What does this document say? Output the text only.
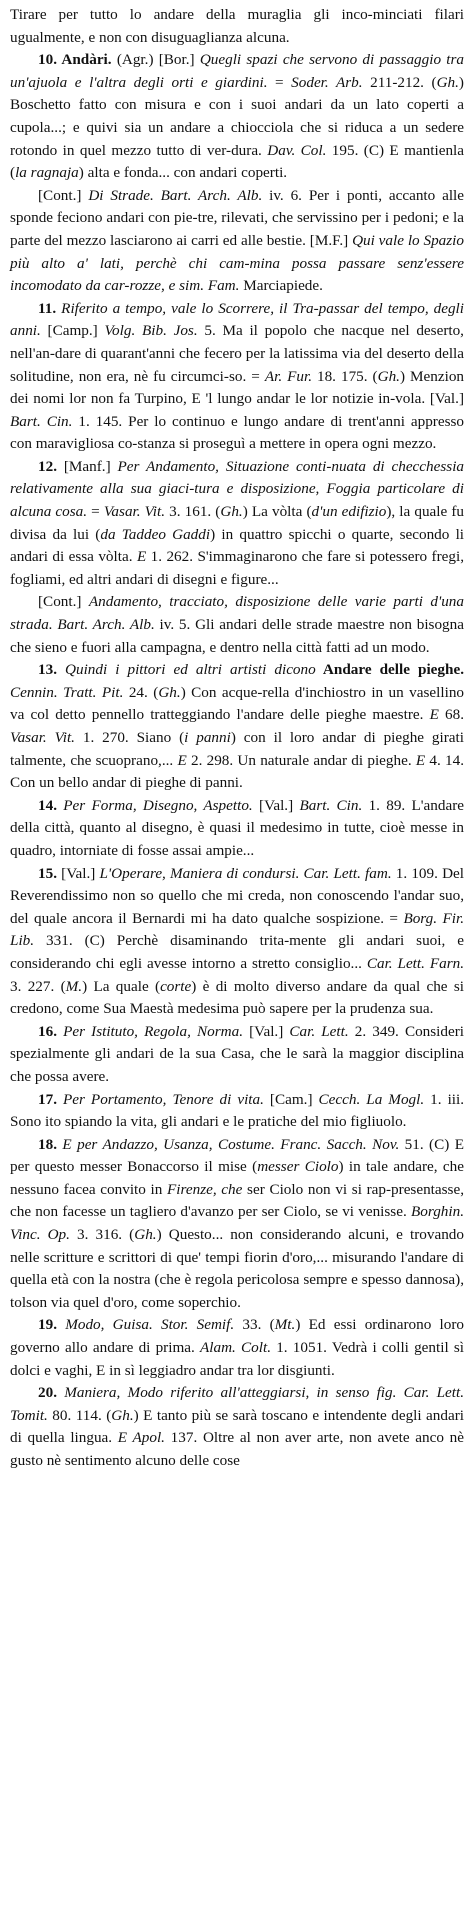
Tirare per tutto lo andare della muraglia gli inco-minciati filari ugualmente, e non con disuguaglianza alcuna.

10. Andàri. (Agr.) [Bor.] Quegli spazi che servono di passaggio tra un'ajuola e l'altra degli orti e giardini. = Soder. Arb. 211-212. (Gh.) Boschetto fatto con misura e con i suoi andari da un lato coperti a cupola...; e quivi sia un andare a chiocciola che si riduca a un sedere rotondo in quel mezzo tutto di ver-dura. Dav. Col. 195. (C) E mantienla (la ragnaja) alta e fonda... con andari coperti.

[Cont.] Di Strade. Bart. Arch. Alb. iv. 6. Per i ponti, accanto alle sponde feciono andari con pie-tre, rilevati, che servissino per i pedoni; e la parte del mezzo lasciarono ai carri ed alle bestie. [M.F.] Qui vale lo Spazio più alto a' lati, perchè chi cam-mina possa passare senz'essere incomodato da car-rozze, e sim. Fam. Marciapiede.

11. Riferito a tempo, vale lo Scorrere, il Tra-passar del tempo, degli anni. [Camp.] Volg. Bib. Jos. 5. Ma il popolo che nacque nel deserto, nell'an-dare di quarant'anni che fecero per la latissima via del deserto della solitudine, non era, nè fu circumci-so. = Ar. Fur. 18. 175. (Gh.) Menzion dei nomi lor non fa Turpino, E 'l lungo andar le lor notizie in-vola. [Val.] Bart. Cin. 1. 145. Per lo continuo e lungo andare di trent'anni appresso con maravigliosa co-stanza si proseguì a mettere in opera ogni mezzo.

12. [Manf.] Per Andamento, Situazione conti-nuata di checchessia relativamente alla sua giaci-tura e disposizione, Foggia particolare di alcuna cosa. = Vasar. Vit. 3. 161. (Gh.) La vòlta (d'un edifizio), la quale fu divisa da lui (da Taddeo Gaddi) in quattro spicchi o quarte, secondo li andari di essa vòlta. E 1. 262. S'immaginarono che fare si potessero fregi, fogliami, ed altri andari di disegni e figure...

[Cont.] Andamento, tracciato, disposizione delle varie parti d'una strada. Bart. Arch. Alb. iv. 5. Gli andari delle strade maestre non bisogna che sieno e fuori alla campagna, e dentro nella città fatti ad un modo.

13. Quindi i pittori ed altri artisti dicono Andare delle pieghe. Cennin. Tratt. Pit. 24. (Gh.) Con acque-rella d'inchiostro in un vasellino va col detto pennello tratteggiando l'andare delle pieghe maestre. E 68. Vasar. Vit. 1. 270. Siano (i panni) con il loro andar di pieghe girati talmente, che scuoprano,... E 2. 298. Un naturale andar di pieghe. E 4. 14. Con un bello andar di pieghe di panni.

14. Per Forma, Disegno, Aspetto. [Val.] Bart. Cin. 1. 89. L'andare della città, quanto al disegno, è quasi il medesimo in tutte, cioè messe in quadro, intorniate di fosse assai ampie...

15. [Val.] L'Operare, Maniera di condursi. Car. Lett. fam. 1. 109. Del Reverendissimo non so quello che mi creda, non conoscendo l'andar suo, del quale ancora il Bernardi mi ha dato qualche sospizione. = Borg. Fir. Lib. 331. (C) Perchè disaminando trita-mente gli andari suoi, e considerando chi egli avesse intorno a stretto consiglio... Car. Lett. Farn. 3. 227. (M.) La quale (corte) è di molto diverso andare da qual che si credono, come Sua Maestà medesima può sapere per la prudenza sua.

16. Per Istituto, Regola, Norma. [Val.] Car. Lett. 2. 349. Consideri spezialmente gli andari de la sua Casa, che le sarà la maggior disciplina che possa avere.

17. Per Portamento, Tenore di vita. [Cam.] Cecch. La Mogl. 1. iii. Sono ito spiando la vita, gli andari e le pratiche del mio figliuolo.

18. E per Andazzo, Usanza, Costume. Franc. Sacch. Nov. 51. (C) E per questo messer Bonaccorso il mise (messer Ciolo) in tale andare, che nessuno facea convito in Firenze, che ser Ciolo non vi si rap-presentasse, che non facesse un tagliero d'avanzo per ser Ciolo, se vi venisse. Borghin. Vinc. Op. 3. 316. (Gh.) Questo... non considerando alcuni, e trovando nelle scritture e scrittori di que' tempi fiorin d'oro,... misurando l'andare di quella età con la nostra (che è regola pericolosa sempre e spesso dannosa), tolson via quel d'oro, come soperchio.

19. Modo, Guisa. Stor. Semif. 33. (Mt.) Ed essi ordinarono loro governo allo andare di prima. Alam. Colt. 1. 1051. Vedrà i colli gentil sì dolci e vaghi, E in sì leggiadro andar tra lor disgiunti.

20. Maniera, Modo riferito all'atteggiarsi, in senso fig. Car. Lett. Tomit. 80. 114. (Gh.) E tanto più se sarà toscano e intendente degli andari di quella lingua. E Apol. 137. Oltre al non aver arte, non avete anco nè gusto nè sentimento alcuno delle cose
